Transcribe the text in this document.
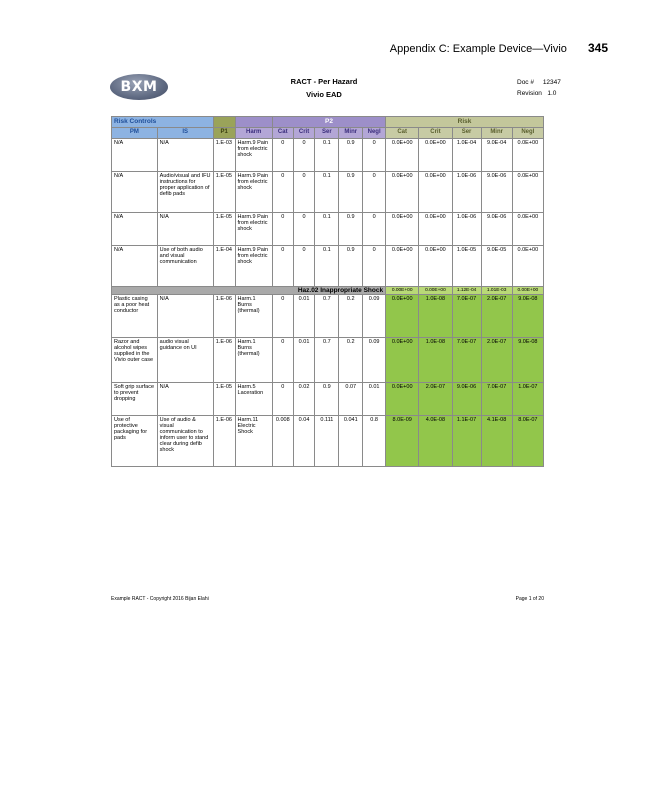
Appendix C: Example Device—Vivio 345
BXM	RACT - Per Hazard
Vivio EAD
Doc # 12347
Revision 1.0
Risk Controls				P2					Risk				
PM	IS	P1	Harm	Cat	Crit	Ser	Minr	Negl	Cat	Crit	Ser	Minr	Negl
N/A	N/A	1.E-03	Harm.9 Pain from electric shock	0	0	0.1	0.9	0	0.0E+00	0.0E+00	1.0E-04	9.0E-04	0.0E+00
N/A	Audio/visual and IFU instructions for proper application of defib pads	1.E-05	Harm.9 Pain from electric shock	0	0	0.1	0.9	0	0.0E+00	0.0E+00	1.0E-06	9.0E-06	0.0E+00
N/A	N/A	1.E-05	Harm.9 Pain from electric shock	0	0	0.1	0.9	0	0.0E+00	0.0E+00	1.0E-06	9.0E-06	0.0E+00
N/A	Use of both audio and visual communication	1.E-04	Harm.9 Pain from electric shock	0	0	0.1	0.9	0	0.0E+00	0.0E+00	1.0E-05	9.0E-05	0.0E+00
Haz.02 Inappropriate Shock									0.00E+00	0.00E+00	1.12E-04	1.01E-03	0.00E+00
Plastic casing as a poor heat conductor	N/A	1.E-06	Harm.1 Burns (thermal)	0	0.01	0.7	0.2	0.09	0.0E+00	1.0E-08	7.0E-07	2.0E-07	9.0E-08
Razor and alcohol wipes supplied in the Vivio outer case	audio visual guidance on UI	1.E-06	Harm.1 Burns (thermal)	0	0.01	0.7	0.2	0.09	0.0E+00	1.0E-08	7.0E-07	2.0E-07	9.0E-08
Soft grip surface to prevent dropping	N/A	1.E-05	Harm.5 Laceration	0	0.02	0.9	0.07	0.01	0.0E+00	2.0E-07	9.0E-06	7.0E-07	1.0E-07
Use of protective packaging for pads	Use of audio & visual communication to inform user to stand clear during defib shock	1.E-06	Harm.11 Electric Shock	0.008	0.04	0.111	0.041	0.8	8.0E-09	4.0E-08	1.1E-07	4.1E-08	8.0E-07
Example RACT - Copyright 2016 Bijan Elahi	Page 1 of 20
